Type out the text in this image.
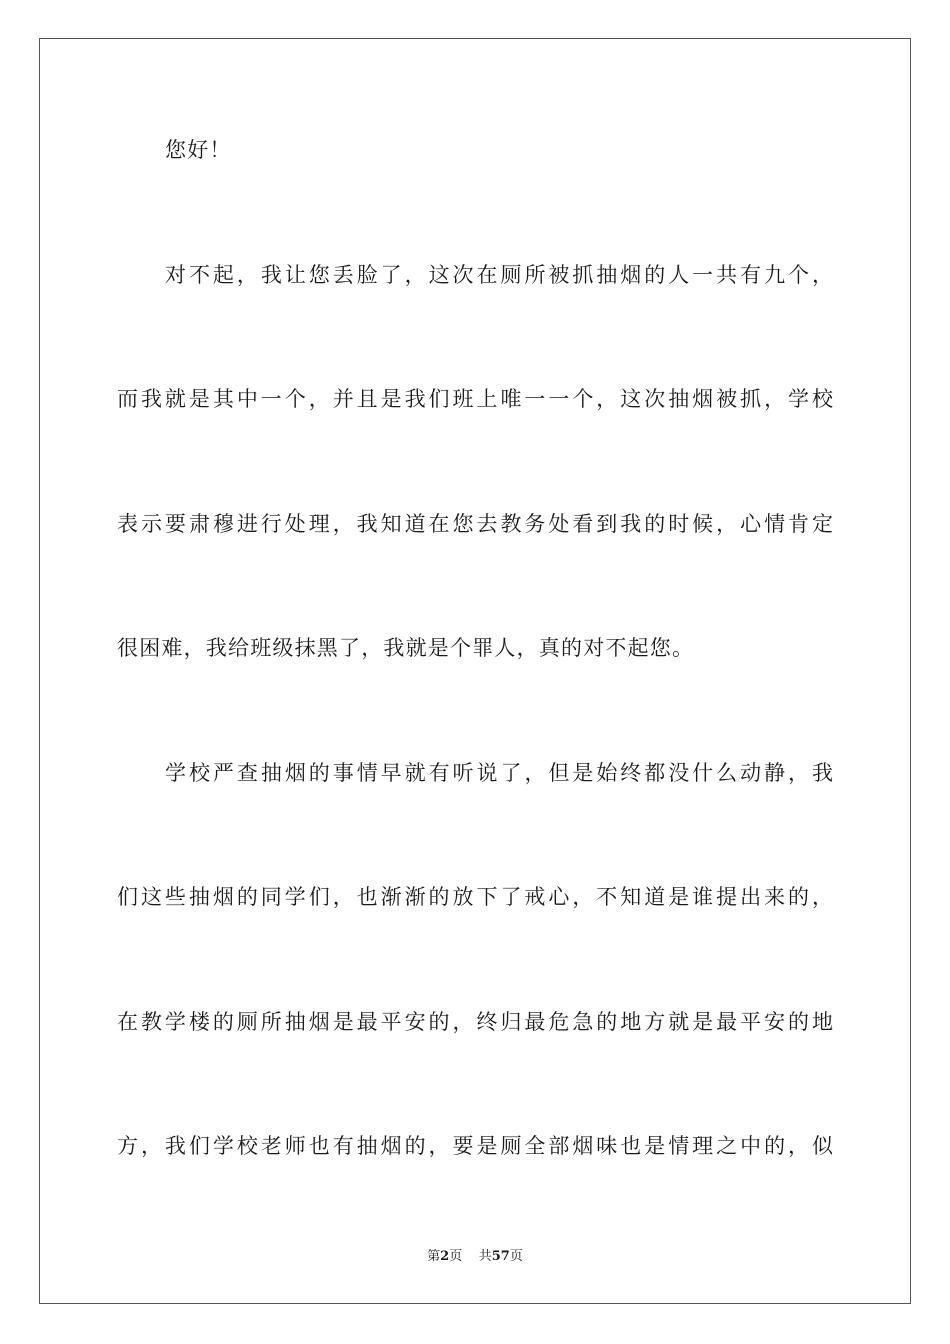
您好！
对不起，我让您丢脸了，这次在厕所被抓抽烟的人一共有九个，
而我就是其中一个，并且是我们班上唯一一个，这次抽烟被抓，学校
表示要肃穆进行处理，我知道在您去教务处看到我的时候，心情肯定
很困难，我给班级抹黑了，我就是个罪人，真的对不起您。
学校严查抽烟的事情早就有听说了，但是始终都没什么动静，我
们这些抽烟的同学们，也渐渐的放下了戒心，不知道是谁提出来的，
在教学楼的厕所抽烟是最平安的，终归最危急的地方就是最平安的地
方，我们学校老师也有抽烟的，要是厕全部烟味也是情理之中的，似
第2页 共57页
